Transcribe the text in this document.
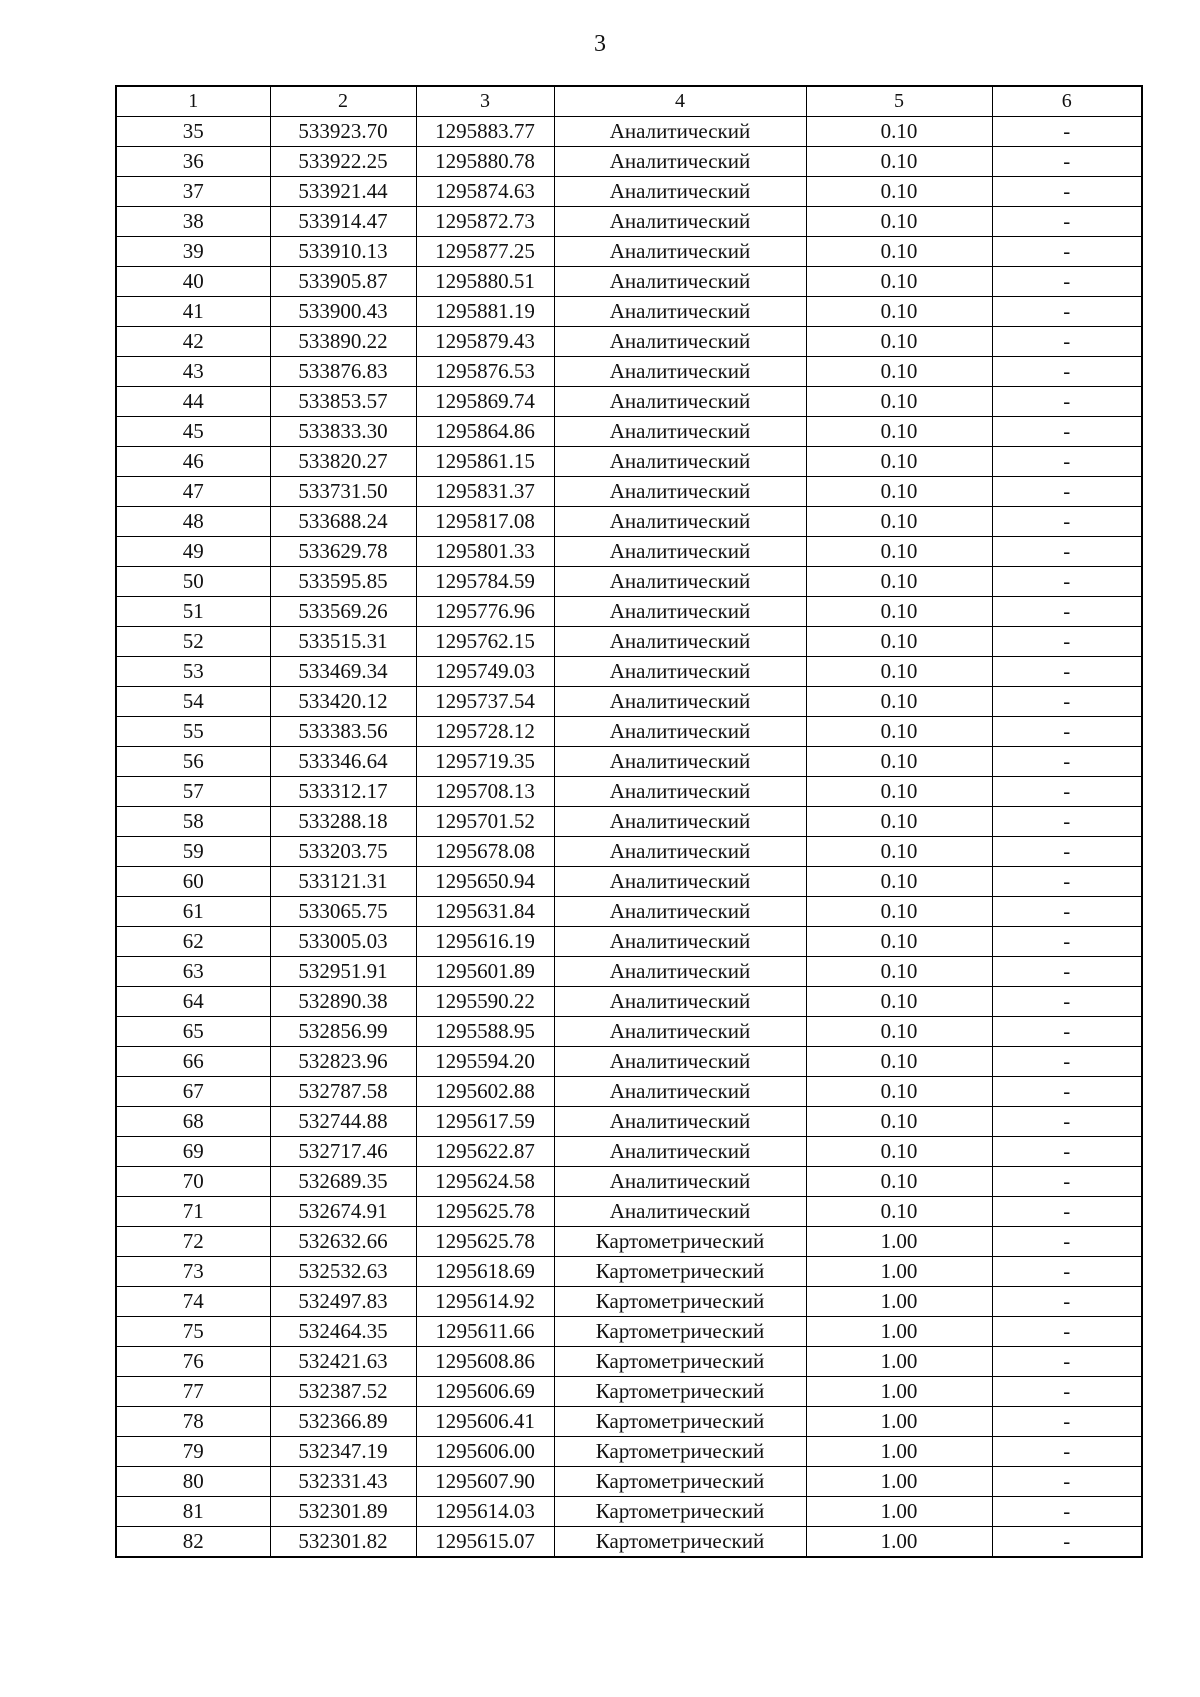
3
1	2	3	4	5	6
35	533923.70	1295883.77	Аналитический	0.10	-
36	533922.25	1295880.78	Аналитический	0.10	-
37	533921.44	1295874.63	Аналитический	0.10	-
38	533914.47	1295872.73	Аналитический	0.10	-
39	533910.13	1295877.25	Аналитический	0.10	-
40	533905.87	1295880.51	Аналитический	0.10	-
41	533900.43	1295881.19	Аналитический	0.10	-
42	533890.22	1295879.43	Аналитический	0.10	-
43	533876.83	1295876.53	Аналитический	0.10	-
44	533853.57	1295869.74	Аналитический	0.10	-
45	533833.30	1295864.86	Аналитический	0.10	-
46	533820.27	1295861.15	Аналитический	0.10	-
47	533731.50	1295831.37	Аналитический	0.10	-
48	533688.24	1295817.08	Аналитический	0.10	-
49	533629.78	1295801.33	Аналитический	0.10	-
50	533595.85	1295784.59	Аналитический	0.10	-
51	533569.26	1295776.96	Аналитический	0.10	-
52	533515.31	1295762.15	Аналитический	0.10	-
53	533469.34	1295749.03	Аналитический	0.10	-
54	533420.12	1295737.54	Аналитический	0.10	-
55	533383.56	1295728.12	Аналитический	0.10	-
56	533346.64	1295719.35	Аналитический	0.10	-
57	533312.17	1295708.13	Аналитический	0.10	-
58	533288.18	1295701.52	Аналитический	0.10	-
59	533203.75	1295678.08	Аналитический	0.10	-
60	533121.31	1295650.94	Аналитический	0.10	-
61	533065.75	1295631.84	Аналитический	0.10	-
62	533005.03	1295616.19	Аналитический	0.10	-
63	532951.91	1295601.89	Аналитический	0.10	-
64	532890.38	1295590.22	Аналитический	0.10	-
65	532856.99	1295588.95	Аналитический	0.10	-
66	532823.96	1295594.20	Аналитический	0.10	-
67	532787.58	1295602.88	Аналитический	0.10	-
68	532744.88	1295617.59	Аналитический	0.10	-
69	532717.46	1295622.87	Аналитический	0.10	-
70	532689.35	1295624.58	Аналитический	0.10	-
71	532674.91	1295625.78	Аналитический	0.10	-
72	532632.66	1295625.78	Картометрический	1.00	-
73	532532.63	1295618.69	Картометрический	1.00	-
74	532497.83	1295614.92	Картометрический	1.00	-
75	532464.35	1295611.66	Картометрический	1.00	-
76	532421.63	1295608.86	Картометрический	1.00	-
77	532387.52	1295606.69	Картометрический	1.00	-
78	532366.89	1295606.41	Картометрический	1.00	-
79	532347.19	1295606.00	Картометрический	1.00	-
80	532331.43	1295607.90	Картометрический	1.00	-
81	532301.89	1295614.03	Картометрический	1.00	-
82	532301.82	1295615.07	Картометрический	1.00	-
